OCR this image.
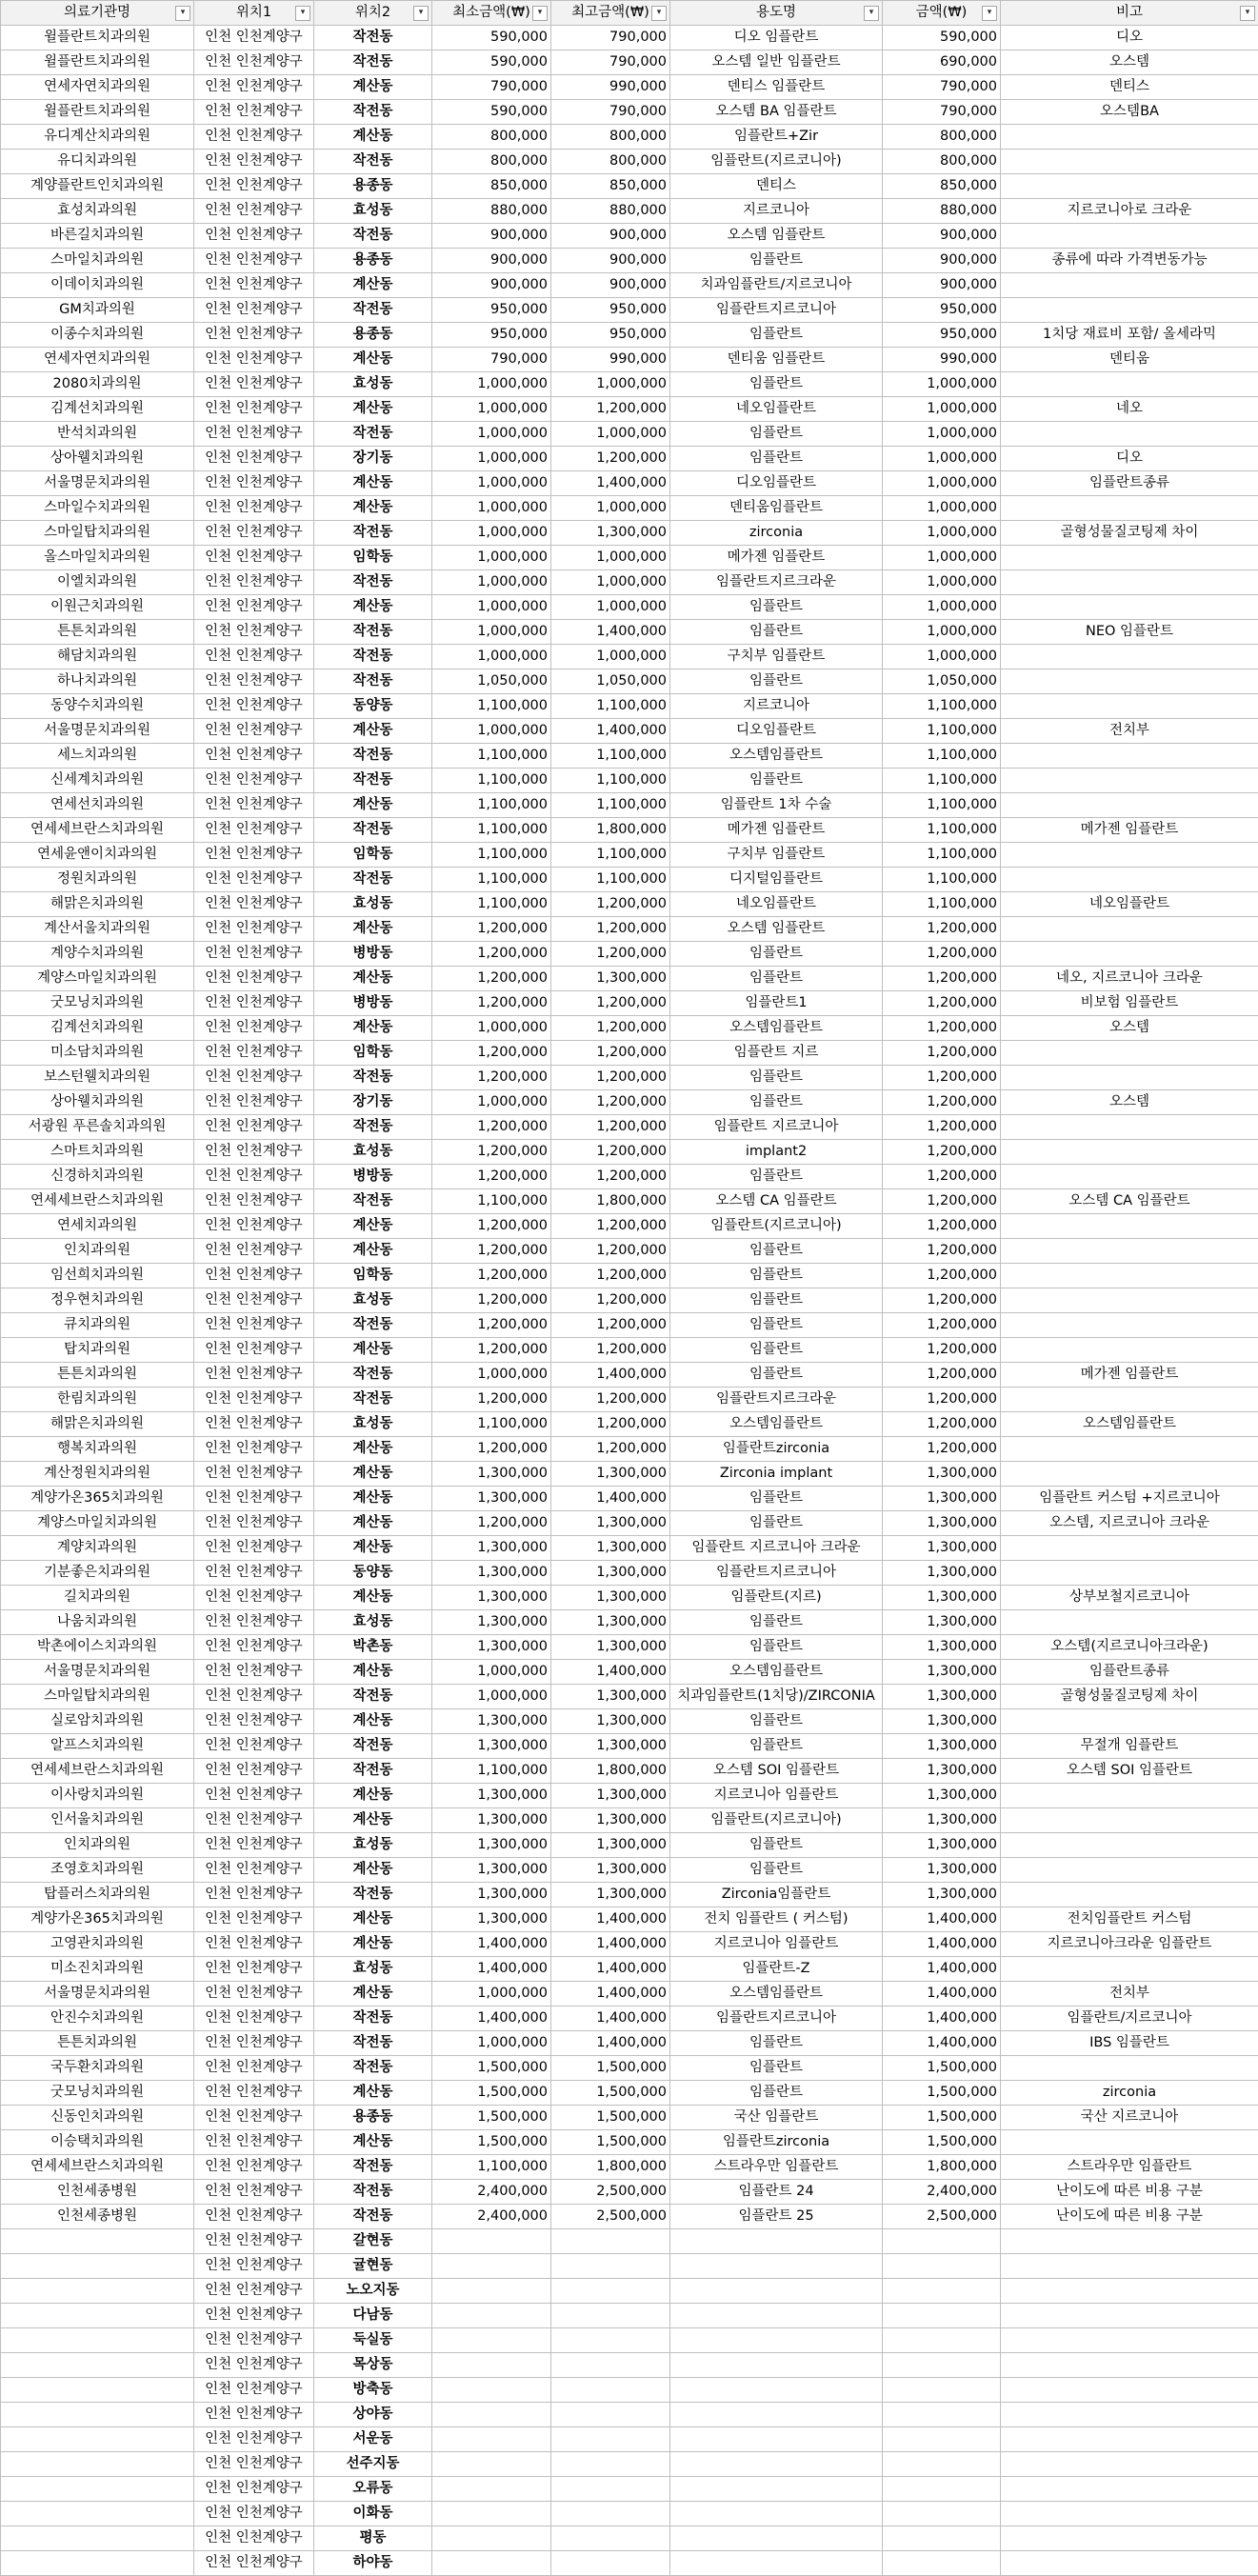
의료기관명 ▾	위치1 ▾	위치2 ▾	최소금액(₩) ▾	최고금액(₩) ▾	용도명 ▾	금액(₩) ▾	비고 ▾

윌플란트치과의원	인천 인천계양구	작전동	590,000	790,000	디오 임플란트	590,000	디오
윌플란트치과의원	인천 인천계양구	작전동	590,000	790,000	오스템 일반 임플란트	690,000	오스템
연세자연치과의원	인천 인천계양구	계산동	790,000	990,000	덴티스 임플란트	790,000	덴티스
윌플란트치과의원	인천 인천계양구	작전동	590,000	790,000	오스템 BA 임플란트	790,000	오스템BA
유디계산치과의원	인천 인천계양구	계산동	800,000	800,000	임플란트+Zir	800,000	
유디치과의원	인천 인천계양구	작전동	800,000	800,000	임플란트(지르코니아)	800,000	
계양플란트인치과의원	인천 인천계양구	용종동	850,000	850,000	덴티스	850,000	
효성치과의원	인천 인천계양구	효성동	880,000	880,000	지르코니아	880,000	지르코니아로 크라운
바른길치과의원	인천 인천계양구	작전동	900,000	900,000	오스템 임플란트	900,000	
스마일치과의원	인천 인천계양구	용종동	900,000	900,000	임플란트	900,000	종류에 따라 가격변동가능
이데이치과의원	인천 인천계양구	계산동	900,000	900,000	치과임플란트/지르코니아	900,000	
GM치과의원	인천 인천계양구	작전동	950,000	950,000	임플란트지르코니아	950,000	
이종수치과의원	인천 인천계양구	용종동	950,000	950,000	임플란트	950,000	1치당 재료비 포함/ 올세라믹
연세자연치과의원	인천 인천계양구	계산동	790,000	990,000	덴티움 임플란트	990,000	덴티움
2080치과의원	인천 인천계양구	효성동	1,000,000	1,000,000	임플란트	1,000,000	
김계선치과의원	인천 인천계양구	계산동	1,000,000	1,200,000	네오임플란트	1,000,000	네오
반석치과의원	인천 인천계양구	작전동	1,000,000	1,000,000	임플란트	1,000,000	
상아웰치과의원	인천 인천계양구	장기동	1,000,000	1,200,000	임플란트	1,000,000	디오
서울명문치과의원	인천 인천계양구	계산동	1,000,000	1,400,000	디오임플란트	1,000,000	임플란트종류
스마일수치과의원	인천 인천계양구	계산동	1,000,000	1,000,000	덴티움임플란트	1,000,000	
스마일탑치과의원	인천 인천계양구	작전동	1,000,000	1,300,000	zirconia	1,000,000	골형성물질코팅제 차이
올스마일치과의원	인천 인천계양구	임학동	1,000,000	1,000,000	메가젠 임플란트	1,000,000	
이엘치과의원	인천 인천계양구	작전동	1,000,000	1,000,000	임플란트지르크라운	1,000,000	
이원근치과의원	인천 인천계양구	계산동	1,000,000	1,000,000	임플란트	1,000,000	
튼튼치과의원	인천 인천계양구	작전동	1,000,000	1,400,000	임플란트	1,000,000	NEO 임플란트
해담치과의원	인천 인천계양구	작전동	1,000,000	1,000,000	구치부 임플란트	1,000,000	
하나치과의원	인천 인천계양구	작전동	1,050,000	1,050,000	임플란트	1,050,000	
동양수치과의원	인천 인천계양구	동양동	1,100,000	1,100,000	지르코니아	1,100,000	
서울명문치과의원	인천 인천계양구	계산동	1,000,000	1,400,000	디오임플란트	1,100,000	전치부
세느치과의원	인천 인천계양구	작전동	1,100,000	1,100,000	오스템임플란트	1,100,000	
신세계치과의원	인천 인천계양구	작전동	1,100,000	1,100,000	임플란트	1,100,000	
연세선치과의원	인천 인천계양구	계산동	1,100,000	1,100,000	임플란트 1차 수술	1,100,000	
연세세브란스치과의원	인천 인천계양구	작전동	1,100,000	1,800,000	메가젠 임플란트	1,100,000	메가젠 임플란트
연세윤앤이치과의원	인천 인천계양구	임학동	1,100,000	1,100,000	구치부 임플란트	1,100,000	
정원치과의원	인천 인천계양구	작전동	1,100,000	1,100,000	디지털임플란트	1,100,000	
해맑은치과의원	인천 인천계양구	효성동	1,100,000	1,200,000	네오임플란트	1,100,000	네오임플란트
계산서울치과의원	인천 인천계양구	계산동	1,200,000	1,200,000	오스템 임플란트	1,200,000	
계양수치과의원	인천 인천계양구	병방동	1,200,000	1,200,000	임플란트	1,200,000	
계양스마일치과의원	인천 인천계양구	계산동	1,200,000	1,300,000	임플란트	1,200,000	네오, 지르코니아 크라운
굿모닝치과의원	인천 인천계양구	병방동	1,200,000	1,200,000	임플란트1	1,200,000	비보험 임플란트
김계선치과의원	인천 인천계양구	계산동	1,000,000	1,200,000	오스템임플란트	1,200,000	오스템
미소담치과의원	인천 인천계양구	임학동	1,200,000	1,200,000	임플란트 지르	1,200,000	
보스턴웰치과의원	인천 인천계양구	작전동	1,200,000	1,200,000	임플란트	1,200,000	
상아웰치과의원	인천 인천계양구	장기동	1,000,000	1,200,000	임플란트	1,200,000	오스템
서광원 푸른솔치과의원	인천 인천계양구	작전동	1,200,000	1,200,000	임플란트 지르코니아	1,200,000	
스마트치과의원	인천 인천계양구	효성동	1,200,000	1,200,000	implant2	1,200,000	
신경하치과의원	인천 인천계양구	병방동	1,200,000	1,200,000	임플란트	1,200,000	
연세세브란스치과의원	인천 인천계양구	작전동	1,100,000	1,800,000	오스템 CA 임플란트	1,200,000	오스템 CA 임플란트
연세치과의원	인천 인천계양구	계산동	1,200,000	1,200,000	임플란트(지르코니아)	1,200,000	
인치과의원	인천 인천계양구	계산동	1,200,000	1,200,000	임플란트	1,200,000	
임선희치과의원	인천 인천계양구	임학동	1,200,000	1,200,000	임플란트	1,200,000	
정우현치과의원	인천 인천계양구	효성동	1,200,000	1,200,000	임플란트	1,200,000	
큐치과의원	인천 인천계양구	작전동	1,200,000	1,200,000	임플란트	1,200,000	
탑치과의원	인천 인천계양구	계산동	1,200,000	1,200,000	임플란트	1,200,000	
튼튼치과의원	인천 인천계양구	작전동	1,000,000	1,400,000	임플란트	1,200,000	메가젠 임플란트
한림치과의원	인천 인천계양구	작전동	1,200,000	1,200,000	임플란트지르크라운	1,200,000	
해맑은치과의원	인천 인천계양구	효성동	1,100,000	1,200,000	오스템임플란트	1,200,000	오스템임플란트
행복치과의원	인천 인천계양구	계산동	1,200,000	1,200,000	임플란트zirconia	1,200,000	
계산정원치과의원	인천 인천계양구	계산동	1,300,000	1,300,000	Zirconia implant	1,300,000	
계양가온365치과의원	인천 인천계양구	계산동	1,300,000	1,400,000	임플란트	1,300,000	임플란트 커스텀 +지르코니아
계양스마일치과의원	인천 인천계양구	계산동	1,200,000	1,300,000	임플란트	1,300,000	오스템, 지르코니아 크라운
계양치과의원	인천 인천계양구	계산동	1,300,000	1,300,000	임플란트 지르코니아 크라운	1,300,000	
기분좋은치과의원	인천 인천계양구	동양동	1,300,000	1,300,000	임플란트지르코니아	1,300,000	
길치과의원	인천 인천계양구	계산동	1,300,000	1,300,000	임플란트(지르)	1,300,000	상부보철지르코니아
나움치과의원	인천 인천계양구	효성동	1,300,000	1,300,000	임플란트	1,300,000	
박촌에이스치과의원	인천 인천계양구	박촌동	1,300,000	1,300,000	임플란트	1,300,000	오스템(지르코니아크라운)
서울명문치과의원	인천 인천계양구	계산동	1,000,000	1,400,000	오스템임플란트	1,300,000	임플란트종류
스마일탑치과의원	인천 인천계양구	작전동	1,000,000	1,300,000	치과임플란트(1치당)/ZIRCONIA	1,300,000	골형성물질코팅제 차이
실로암치과의원	인천 인천계양구	계산동	1,300,000	1,300,000	임플란트	1,300,000	
알프스치과의원	인천 인천계양구	작전동	1,300,000	1,300,000	임플란트	1,300,000	무절개 임플란트
연세세브란스치과의원	인천 인천계양구	작전동	1,100,000	1,800,000	오스템 SOI 임플란트	1,300,000	오스템 SOI 임플란트
이사랑치과의원	인천 인천계양구	계산동	1,300,000	1,300,000	지르코니아 임플란트	1,300,000	
인서울치과의원	인천 인천계양구	계산동	1,300,000	1,300,000	임플란트(지르코니아)	1,300,000	
인치과의원	인천 인천계양구	효성동	1,300,000	1,300,000	임플란트	1,300,000	
조영호치과의원	인천 인천계양구	계산동	1,300,000	1,300,000	임플란트	1,300,000	
탑플러스치과의원	인천 인천계양구	작전동	1,300,000	1,300,000	Zirconia임플란트	1,300,000	
계양가온365치과의원	인천 인천계양구	계산동	1,300,000	1,400,000	전치 임플란트 ( 커스텀)	1,400,000	전치임플란트 커스텀
고영관치과의원	인천 인천계양구	계산동	1,400,000	1,400,000	지르코니아 임플란트	1,400,000	지르코니아크라운 임플란트
미소진치과의원	인천 인천계양구	효성동	1,400,000	1,400,000	임플란트-Z	1,400,000	
서울명문치과의원	인천 인천계양구	계산동	1,000,000	1,400,000	오스템임플란트	1,400,000	전치부
안진수치과의원	인천 인천계양구	작전동	1,400,000	1,400,000	임플란트지르코니아	1,400,000	임플란트/지르코니아
튼튼치과의원	인천 인천계양구	작전동	1,000,000	1,400,000	임플란트	1,400,000	IBS 임플란트
국두환치과의원	인천 인천계양구	작전동	1,500,000	1,500,000	임플란트	1,500,000	
굿모닝치과의원	인천 인천계양구	계산동	1,500,000	1,500,000	임플란트	1,500,000	zirconia
신동인치과의원	인천 인천계양구	용종동	1,500,000	1,500,000	국산 임플란트	1,500,000	국산 지르코니아
이승택치과의원	인천 인천계양구	계산동	1,500,000	1,500,000	임플란트zirconia	1,500,000	
연세세브란스치과의원	인천 인천계양구	작전동	1,100,000	1,800,000	스트라우만 임플란트	1,800,000	스트라우만 임플란트
인천세종병원	인천 인천계양구	작전동	2,400,000	2,500,000	임플란트 24	2,400,000	난이도에 따른 비용 구분
인천세종병원	인천 인천계양구	작전동	2,400,000	2,500,000	임플란트 25	2,500,000	난이도에 따른 비용 구분
	인천 인천계양구	갈현동					
	인천 인천계양구	귤현동					
	인천 인천계양구	노오지동					
	인천 인천계양구	다남동					
	인천 인천계양구	둑실동					
	인천 인천계양구	목상동					
	인천 인천계양구	방축동					
	인천 인천계양구	상야동					
	인천 인천계양구	서운동					
	인천 인천계양구	선주지동					
	인천 인천계양구	오류동					
	인천 인천계양구	이화동					
	인천 인천계양구	평동					
	인천 인천계양구	하야동					
